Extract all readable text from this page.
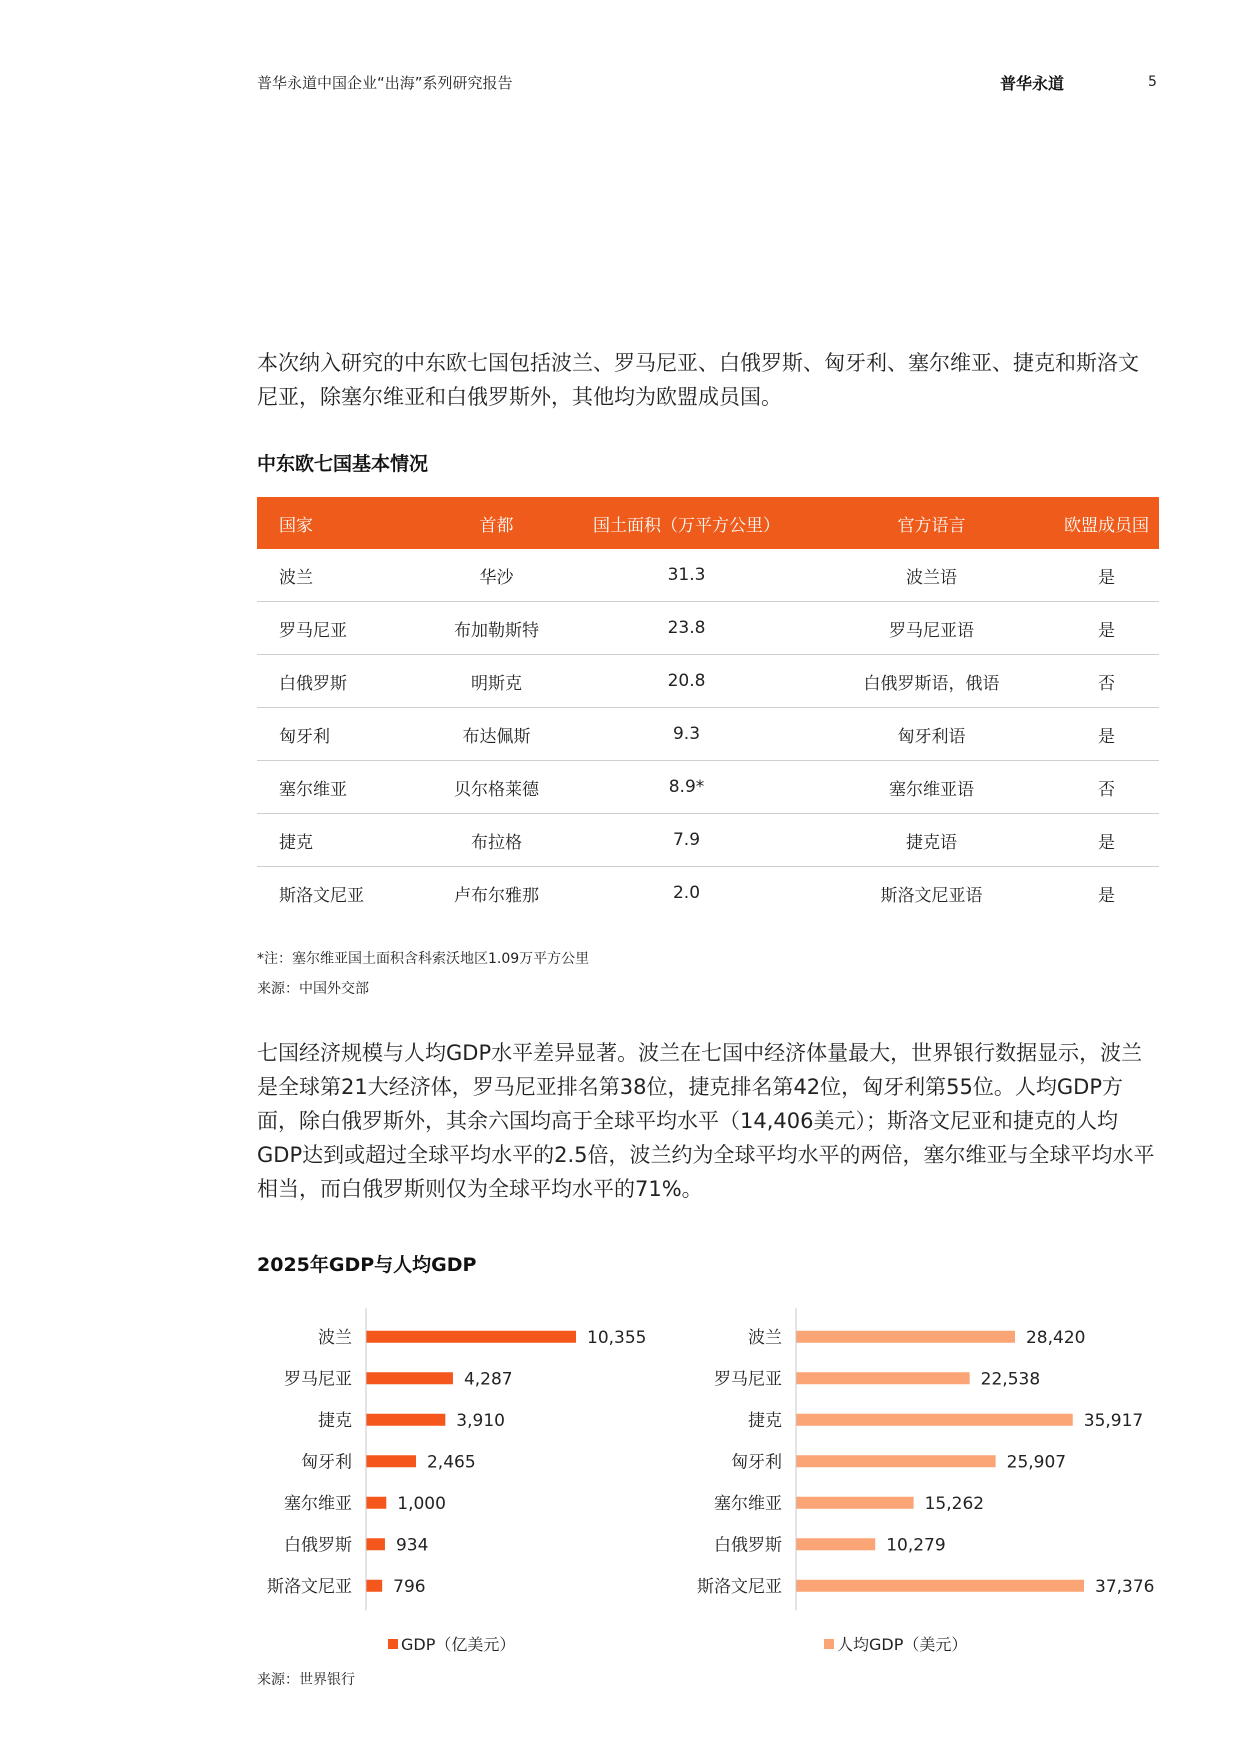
普华永道中国企业“出海”系列研究报告	普华永道	5

本次纳入研究的中东欧七国包括波兰、罗马尼亚、白俄罗斯、匈牙利、塞尔维亚、捷克和斯洛文尼亚，除塞尔维亚和白俄罗斯外，其他均为欧盟成员国。

中东欧七国基本情况
国家	首都	国土面积（万平方公里）	官方语言	欧盟成员国
波兰	华沙	31.3	波兰语	是
罗马尼亚	布加勒斯特	23.8	罗马尼亚语	是
白俄罗斯	明斯克	20.8	白俄罗斯语，俄语	否
匈牙利	布达佩斯	9.3	匈牙利语	是
塞尔维亚	贝尔格莱德	8.9*	塞尔维亚语	否
捷克	布拉格	7.9	捷克语	是
斯洛文尼亚	卢布尔雅那	2.0	斯洛文尼亚语	是
*注：塞尔维亚国土面积含科索沃地区1.09万平方公里
来源：中国外交部

七国经济规模与人均GDP水平差异显著。波兰在七国中经济体量最大，世界银行数据显示，波兰是全球第21大经济体，罗马尼亚排名第38位，捷克排名第42位，匈牙利第55位。人均GDP方面，除白俄罗斯外，其余六国均高于全球平均水平（14,406美元）；斯洛文尼亚和捷克的人均GDP达到或超过全球平均水平的2.5倍，波兰约为全球平均水平的两倍，塞尔维亚与全球平均水平相当，而白俄罗斯则仅为全球平均水平的71%。

2025年GDP与人均GDP
波兰	10,355
罗马尼亚	4,287
捷克	3,910
匈牙利	2,465
塞尔维亚	1,000
白俄罗斯	934
斯洛文尼亚 796
波兰	28,420
罗马尼亚	22,538
捷克	35,917
匈牙利	25,907
塞尔维亚	15,262
白俄罗斯	10,279
斯洛文尼亚	37,376
GDP（亿美元）	人均GDP（美元）
来源：世界银行
